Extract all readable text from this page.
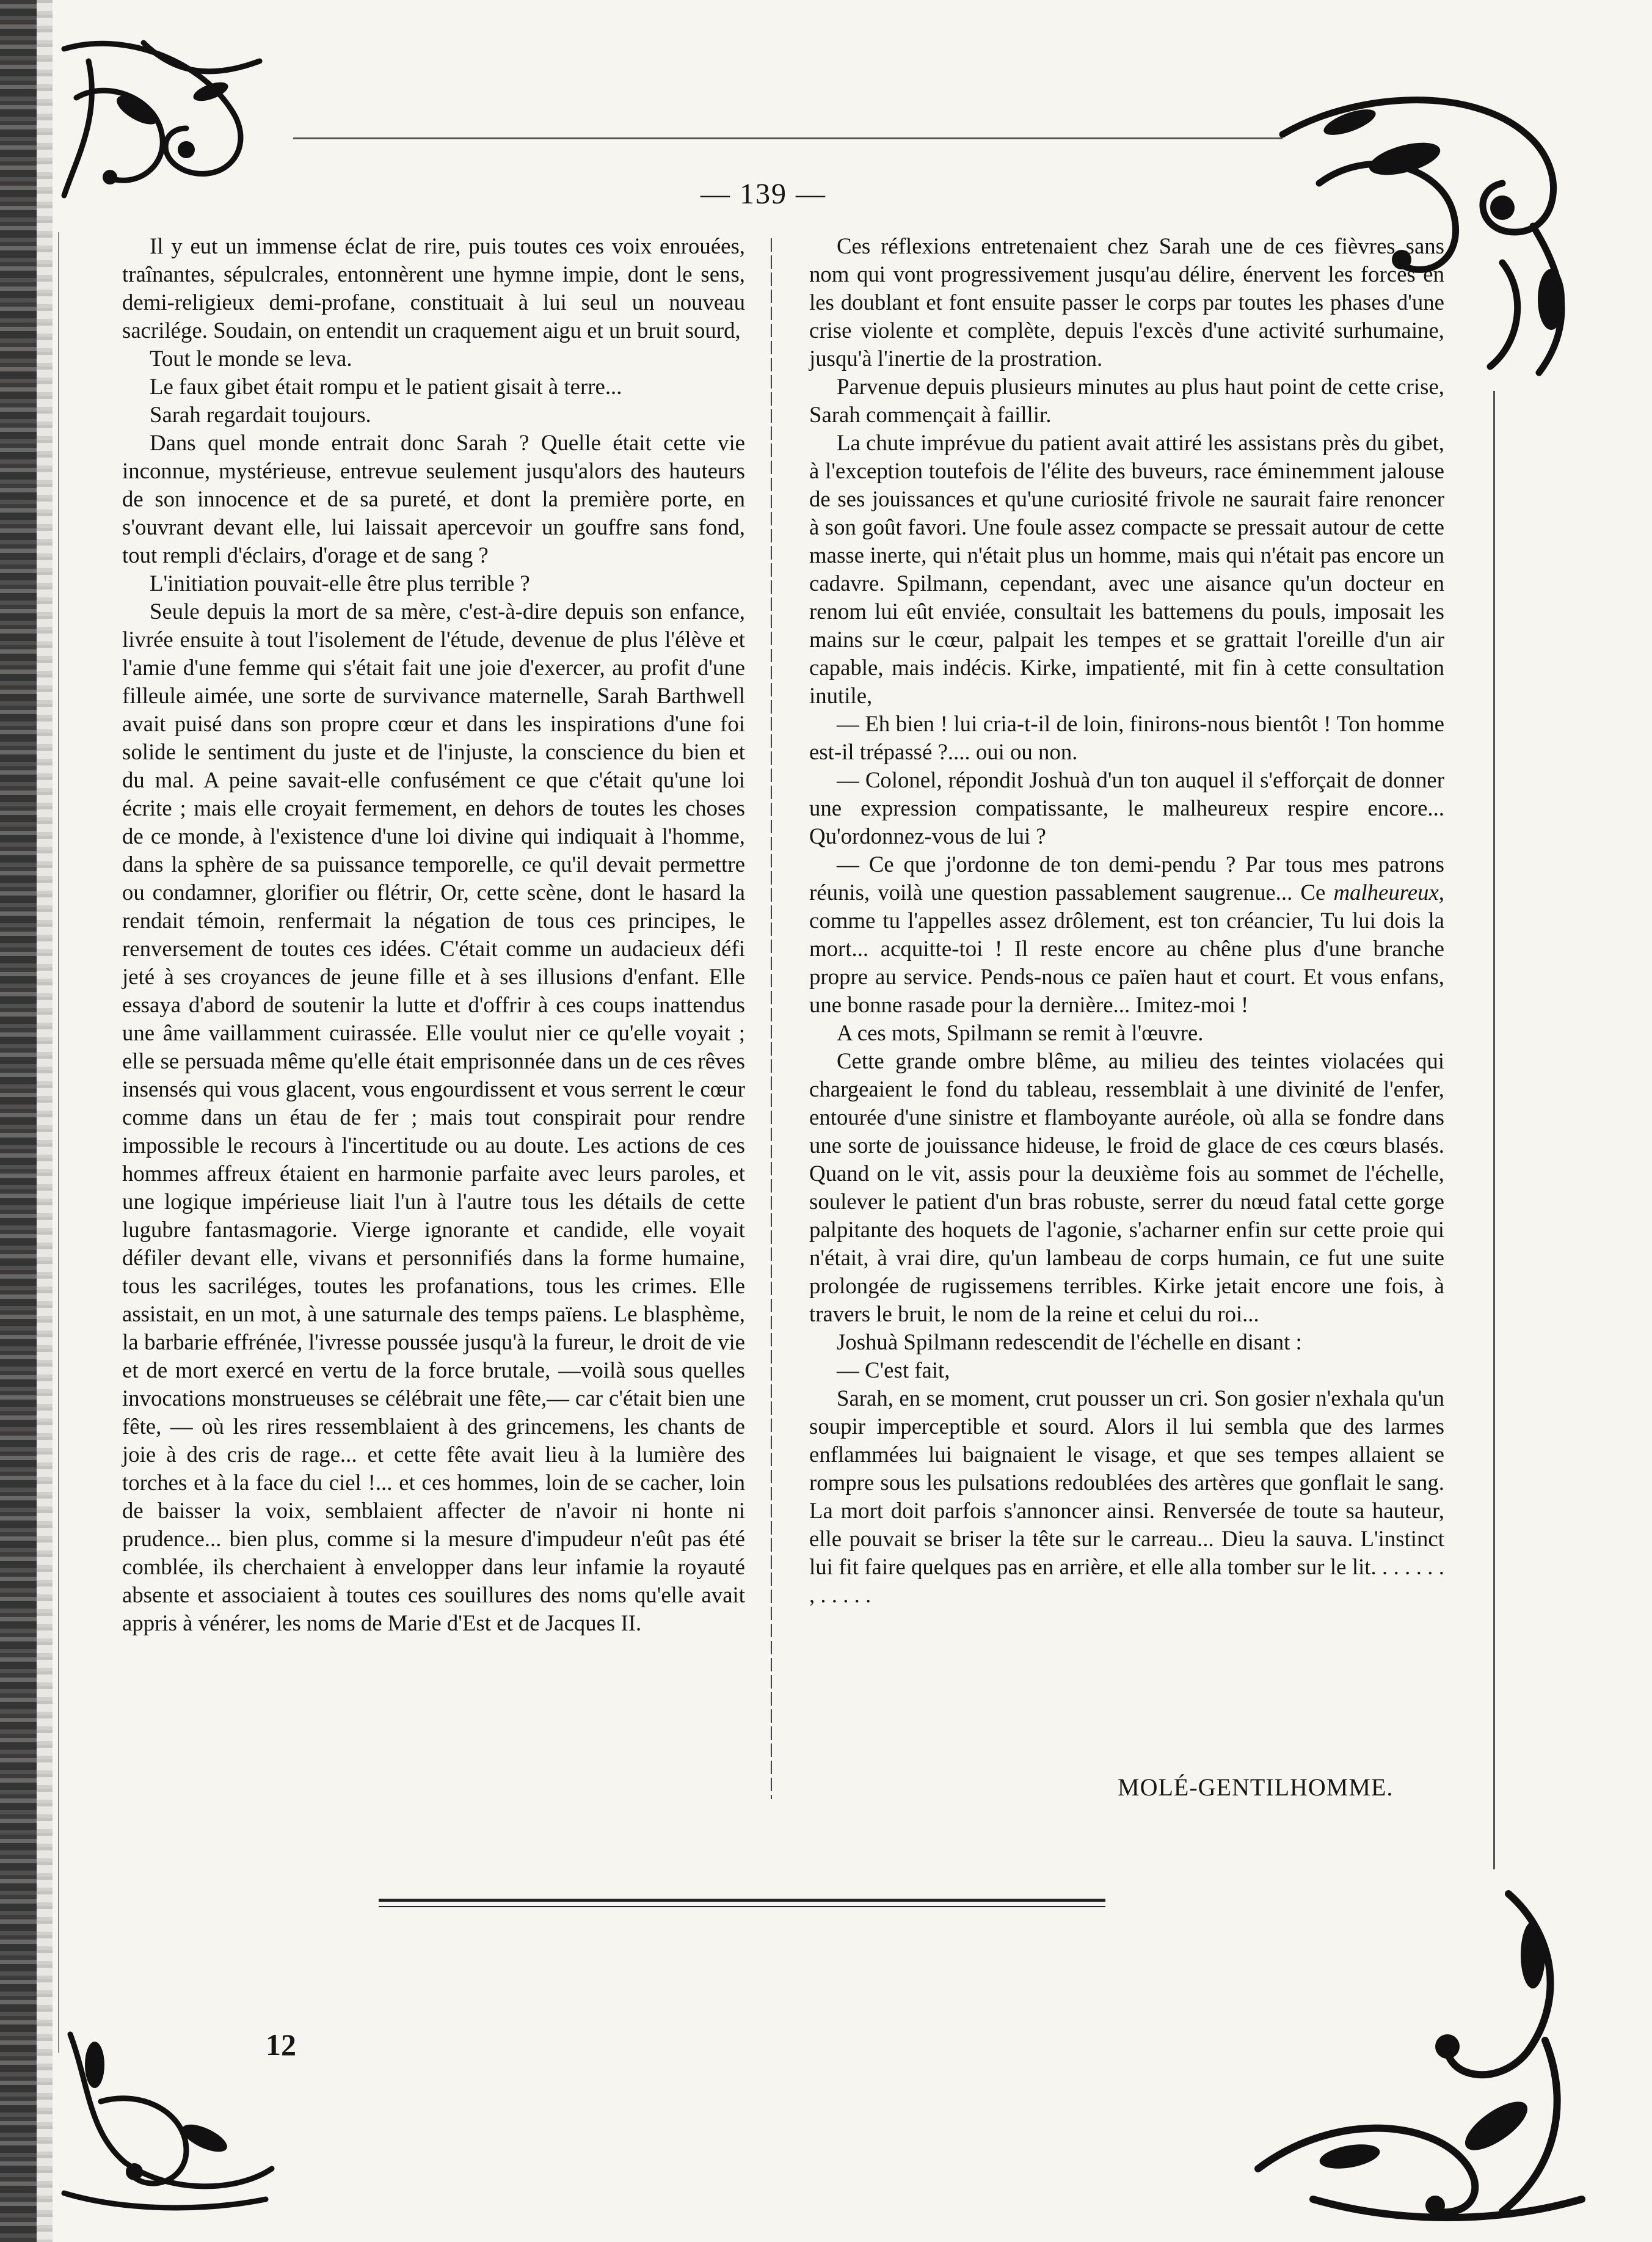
— 139 —

Il y eut un immense éclat de rire, puis toutes ces voix enrouées, traînantes, sépulcrales, entonnèrent une hymne impie, dont le sens, demi-religieux demi-profane, constituait à lui seul un nouveau sacrilége. Soudain, on entendit un craquement aigu et un bruit sourd,

Tout le monde se leva.

Le faux gibet était rompu et le patient gisait à terre...

Sarah regardait toujours.

Dans quel monde entrait donc Sarah ? Quelle était cette vie inconnue, mystérieuse, entrevue seulement jusqu'alors des hauteurs de son innocence et de sa pureté, et dont la première porte, en s'ouvrant devant elle, lui laissait apercevoir un gouffre sans fond, tout rempli d'éclairs, d'orage et de sang ?

L'initiation pouvait-elle être plus terrible ?

Seule depuis la mort de sa mère, c'est-à-dire depuis son enfance, livrée ensuite à tout l'isolement de l'étude, devenue de plus l'élève et l'amie d'une femme qui s'était fait une joie d'exercer, au profit d'une filleule aimée, une sorte de survivance maternelle, Sarah Barthwell avait puisé dans son propre cœur et dans les inspirations d'une foi solide le sentiment du juste et de l'injuste, la conscience du bien et du mal. A peine savait-elle confusément ce que c'était qu'une loi écrite ; mais elle croyait fermement, en dehors de toutes les choses de ce monde, à l'existence d'une loi divine qui indiquait à l'homme, dans la sphère de sa puissance temporelle, ce qu'il devait permettre ou condamner, glorifier ou flétrir, Or, cette scène, dont le hasard la rendait témoin, renfermait la négation de tous ces principes, le renversement de toutes ces idées. C'était comme un audacieux défi jeté à ses croyances de jeune fille et à ses illusions d'enfant. Elle essaya d'abord de soutenir la lutte et d'offrir à ces coups inattendus une âme vaillamment cuirassée. Elle voulut nier ce qu'elle voyait ; elle se persuada même qu'elle était emprisonnée dans un de ces rêves insensés qui vous glacent, vous engourdissent et vous serrent le cœur comme dans un étau de fer ; mais tout conspirait pour rendre impossible le recours à l'incertitude ou au doute. Les actions de ces hommes affreux étaient en harmonie parfaite avec leurs paroles, et une logique impérieuse liait l'un à l'autre tous les détails de cette lugubre fantasmagorie. Vierge ignorante et candide, elle voyait défiler devant elle, vivans et personnifiés dans la forme humaine, tous les sacriléges, toutes les profanations, tous les crimes. Elle assistait, en un mot, à une saturnale des temps païens. Le blasphème, la barbarie effrénée, l'ivresse poussée jusqu'à la fureur, le droit de vie et de mort exercé en vertu de la force brutale, —voilà sous quelles invocations monstrueuses se célébrait une fête,— car c'était bien une fête, — où les rires ressemblaient à des grincemens, les chants de joie à des cris de rage... et cette fête avait lieu à la lumière des torches et à la face du ciel !... et ces hommes, loin de se cacher, loin de baisser la voix, semblaient affecter de n'avoir ni honte ni prudence... bien plus, comme si la mesure d'impudeur n'eût pas été comblée, ils cherchaient à envelopper dans leur infamie la royauté absente et associaient à toutes ces souillures des noms qu'elle avait appris à vénérer, les noms de Marie d'Est et de Jacques II.

Ces réflexions entretenaient chez Sarah une de ces fièvres sans nom qui vont progressivement jusqu'au délire, énervent les forces en les doublant et font ensuite passer le corps par toutes les phases d'une crise violente et complète, depuis l'excès d'une activité surhumaine, jusqu'à l'inertie de la prostration.

Parvenue depuis plusieurs minutes au plus haut point de cette crise, Sarah commençait à faillir.

La chute imprévue du patient avait attiré les assistans près du gibet, à l'exception toutefois de l'élite des buveurs, race éminemment jalouse de ses jouissances et qu'une curiosité frivole ne saurait faire renoncer à son goût favori. Une foule assez compacte se pressait autour de cette masse inerte, qui n'était plus un homme, mais qui n'était pas encore un cadavre. Spilmann, cependant, avec une aisance qu'un docteur en renom lui eût enviée, consultait les battemens du pouls, imposait les mains sur le cœur, palpait les tempes et se grattait l'oreille d'un air capable, mais indécis. Kirke, impatienté, mit fin à cette consultation inutile,

— Eh bien ! lui cria-t-il de loin, finirons-nous bientôt ! Ton homme est-il trépassé ?.... oui ou non.

— Colonel, répondit Joshuà d'un ton auquel il s'efforçait de donner une expression compatissante, le malheureux respire encore... Qu'ordonnez-vous de lui ?

— Ce que j'ordonne de ton demi-pendu ? Par tous mes patrons réunis, voilà une question passablement saugrenue... Ce malheureux, comme tu l'appelles assez drôlement, est ton créancier, Tu lui dois la mort... acquitte-toi ! Il reste encore au chêne plus d'une branche propre au service. Pends-nous ce païen haut et court. Et vous enfans, une bonne rasade pour la dernière... Imitez-moi !

A ces mots, Spilmann se remit à l'œuvre.

Cette grande ombre blême, au milieu des teintes violacées qui chargeaient le fond du tableau, ressemblait à une divinité de l'enfer, entourée d'une sinistre et flamboyante auréole, où alla se fondre dans une sorte de jouissance hideuse, le froid de glace de ces cœurs blasés. Quand on le vit, assis pour la deuxième fois au sommet de l'échelle, soulever le patient d'un bras robuste, serrer du nœud fatal cette gorge palpitante des hoquets de l'agonie, s'acharner enfin sur cette proie qui n'était, à vrai dire, qu'un lambeau de corps humain, ce fut une suite prolongée de rugissemens terribles. Kirke jetait encore une fois, à travers le bruit, le nom de la reine et celui du roi...

Joshuà Spilmann redescendit de l'échelle en disant :

— C'est fait,

Sarah, en se moment, crut pousser un cri. Son gosier n'exhala qu'un soupir imperceptible et sourd. Alors il lui sembla que des larmes enflammées lui baignaient le visage, et que ses tempes allaient se rompre sous les pulsations redoublées des artères que gonflait le sang. La mort doit parfois s'annoncer ainsi. Renversée de toute sa hauteur, elle pouvait se briser la tête sur le carreau... Dieu la sauva. L'instinct lui fit faire quelques pas en arrière, et elle alla tomber sur le lit. . . . . . . , . . . . .

MOLÉ-GENTILHOMME.
12
